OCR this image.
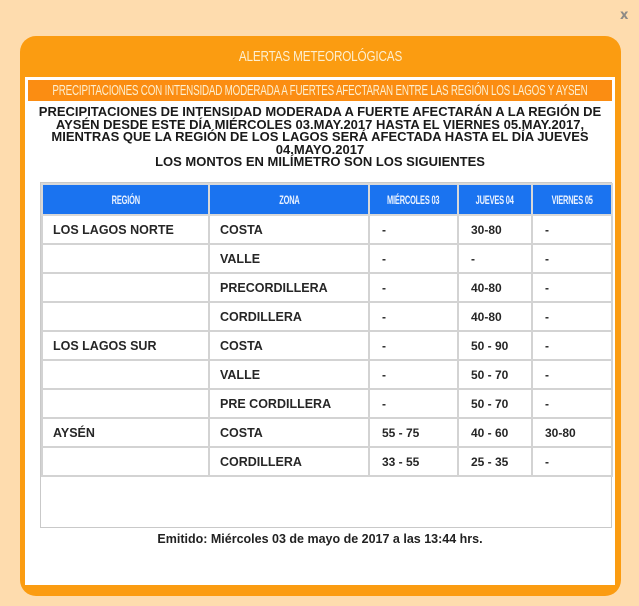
x
ALERTAS METEOROLÓGICAS
PRECIPITACIONES CON INTENSIDAD MODERADA A FUERTES AFECTARAN ENTRE LAS REGIÓN LOS LAGOS Y AYSEN

PRECIPITACIONES DE INTENSIDAD MODERADA A FUERTE AFECTARÁN A LA REGIÓN DE

AYSÉN DESDE ESTE DÍA MIÉRCOLES 03.MAY.2017 HASTA EL VIERNES 05.MAY.2017,

MIENTRAS QUE LA REGIÓN DE LOS LAGOS SERÁ AFECTADA HASTA EL DÍA JUEVES

04.MAYO.2017

LOS MONTOS EN MILÍMETRO SON LOS SIGUIENTES

REGIÓN	ZONA	MIÉRCOLES 03	JUEVES 04	VIERNES 05
LOS LAGOS NORTE	COSTA	-	30-80	-
	VALLE	-	-	-
	PRECORDILLERA	-	40-80	-
	CORDILLERA	-	40-80	-
LOS LAGOS SUR	COSTA	-	50 - 90	-
	VALLE	-	50 - 70	-
	PRE CORDILLERA	-	50 - 70	-
AYSÉN	COSTA	55 - 75	40 - 60	30-80
	CORDILLERA	33 - 55	25 - 35	-
Emitido: Miércoles 03 de mayo de 2017 a las 13:44 hrs.
